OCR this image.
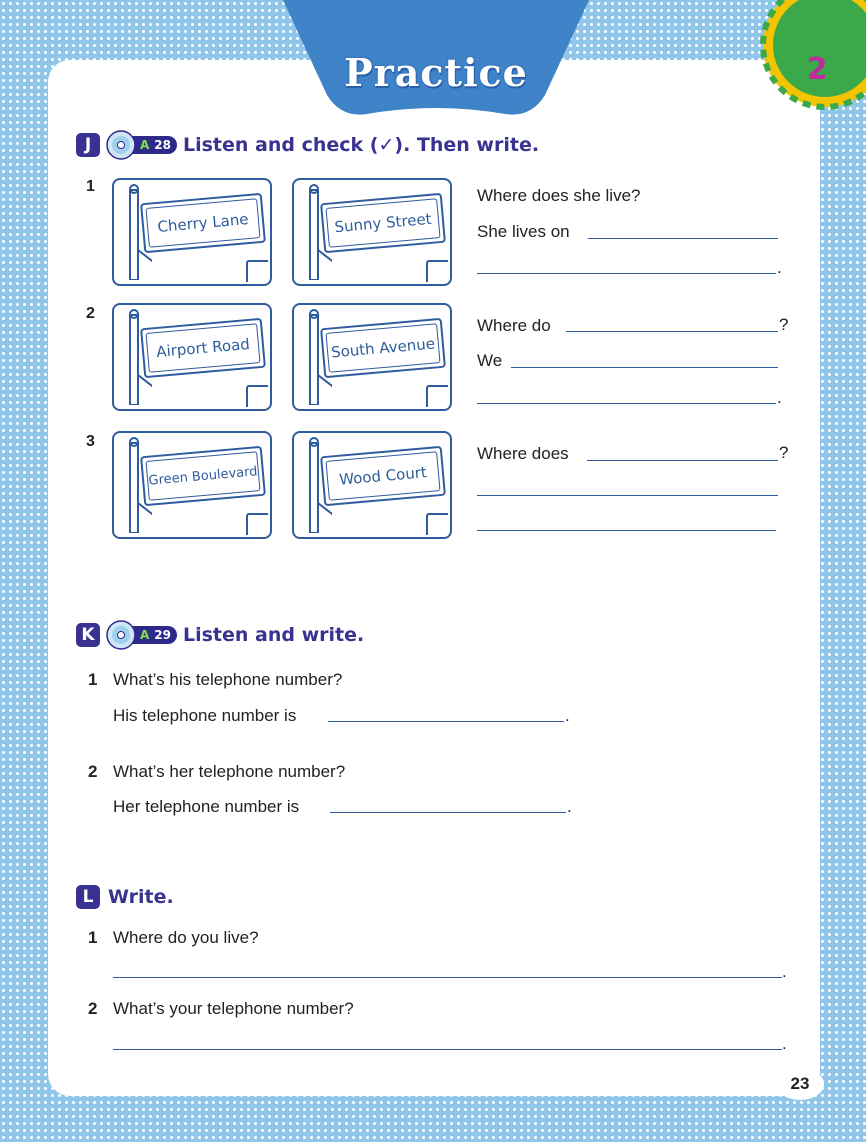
Practice	2
J	A 28 Listen and check (✓). Then write.
1
Cherry Lane	Sunny Street
Where does she live?
She lives on
.
2
Airport Road	South Avenue
Where do	?
We
.
3
Green Boulevard	Wood Court
Where does	?
K	A 29 Listen and write.
1 What’s his telephone number?
His telephone number is	.
2 What’s her telephone number?
Her telephone number is	.
L Write.
1 Where do you live?
.
2 What’s your telephone number?
.
23
